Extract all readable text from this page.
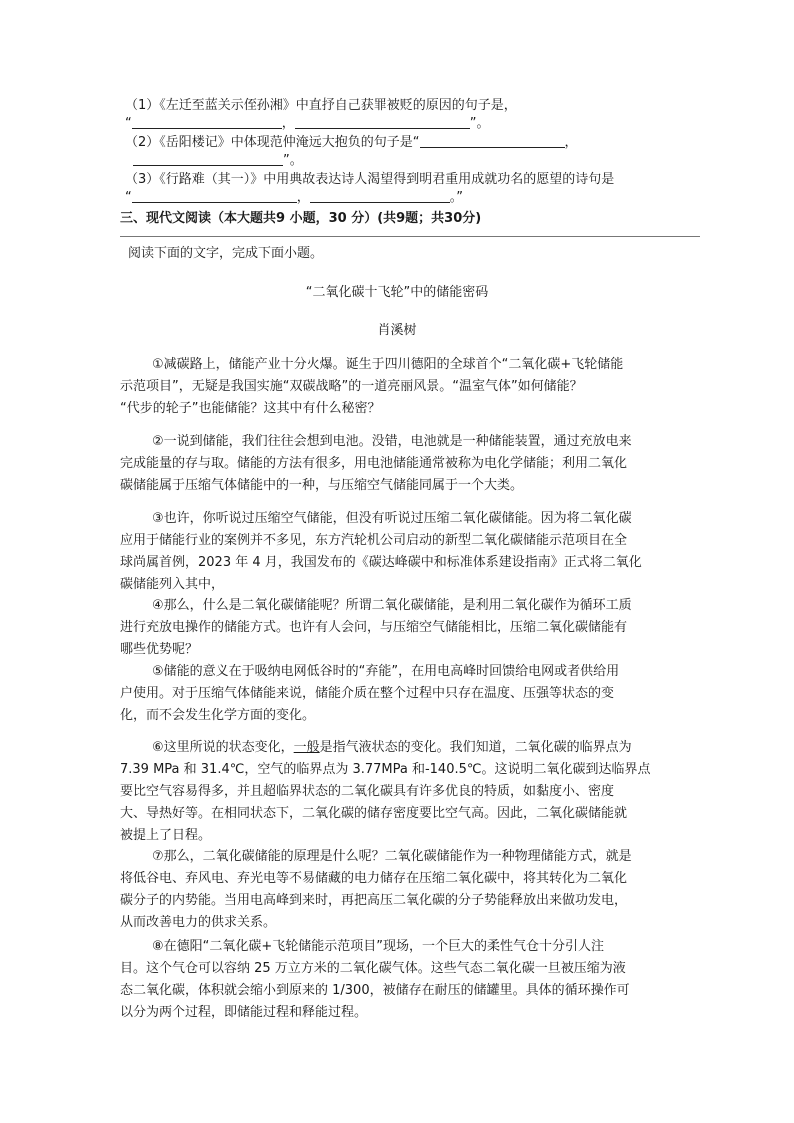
（1）《左迁至蓝关示侄孙湘》中直抒自己获罪被贬的原因的句子是，
“	，	”。
（2）《岳阳楼记》中体现范仲淹远大抱负的句子是“	，
”。
（3）《行路难（其一）》中用典故表达诗人渴望得到明君重用成就功名的愿望的诗句是
“	，	。”
三、现代文阅读（本大题共9 小题，30 分）(共9题；共30分)
阅读下面的文字，完成下面小题。
“二氧化碳十飞轮”中的储能密码
肖溪树

①减碳路上，储能产业十分火爆。诞生于四川德阳的全球首个“二氧化碳+飞轮储能

示范项目”，无疑是我国实施“双碳战略”的一道亮丽风景。“温室气体”如何储能？

“代步的轮子”也能储能？这其中有什么秘密？

②一说到储能，我们往往会想到电池。没错，电池就是一种储能装置，通过充放电来

完成能量的存与取。储能的方法有很多，用电池储能通常被称为电化学储能；利用二氧化

碳储能属于压缩气体储能中的一种，与压缩空气储能同属于一个大类。

③也许，你听说过压缩空气储能，但没有听说过压缩二氧化碳储能。因为将二氧化碳

应用于储能行业的案例并不多见，东方汽轮机公司启动的新型二氧化碳储能示范项目在全

球尚属首例，2023 年 4 月，我国发布的《碳达峰碳中和标准体系建设指南》正式将二氧化

碳储能列入其中，

④那么，什么是二氧化碳储能呢？所谓二氧化碳储能，是利用二氧化碳作为循环工质

进行充放电操作的储能方式。也许有人会问，与压缩空气储能相比，压缩二氧化碳储能有

哪些优势呢？

⑤储能的意义在于吸纳电网低谷时的“弃能”，在用电高峰时回馈给电网或者供给用

户使用。对于压缩气体储能来说，储能介质在整个过程中只存在温度、压强等状态的变

化，而不会发生化学方面的变化。

⑥这里所说的状态变化，一般是指气液状态的变化。我们知道，二氧化碳的临界点为

7.39 MPa 和 31.4℃，空气的临界点为 3.77MPa 和-140.5℃。这说明二氧化碳到达临界点

要比空气容易得多，并且超临界状态的二氧化碳具有许多优良的特质，如黏度小、密度

大、导热好等。在相同状态下，二氧化碳的储存密度要比空气高。因此，二氧化碳储能就

被提上了日程。

⑦那么，二氧化碳储能的原理是什么呢？二氧化碳储能作为一种物理储能方式，就是

将低谷电、弃风电、弃光电等不易储藏的电力储存在压缩二氧化碳中，将其转化为二氧化

碳分子的内势能。当用电高峰到来时，再把高压二氧化碳的分子势能释放出来做功发电，

从而改善电力的供求关系。

⑧在德阳“二氧化碳+飞轮储能示范项目”现场，一个巨大的柔性气仓十分引人注

目。这个气仓可以容纳 25 万立方米的二氧化碳气体。这些气态二氧化碳一旦被压缩为液

态二氧化碳，体积就会缩小到原来的 1/300，被储存在耐压的储罐里。具体的循环操作可

以分为两个过程，即储能过程和释能过程。
